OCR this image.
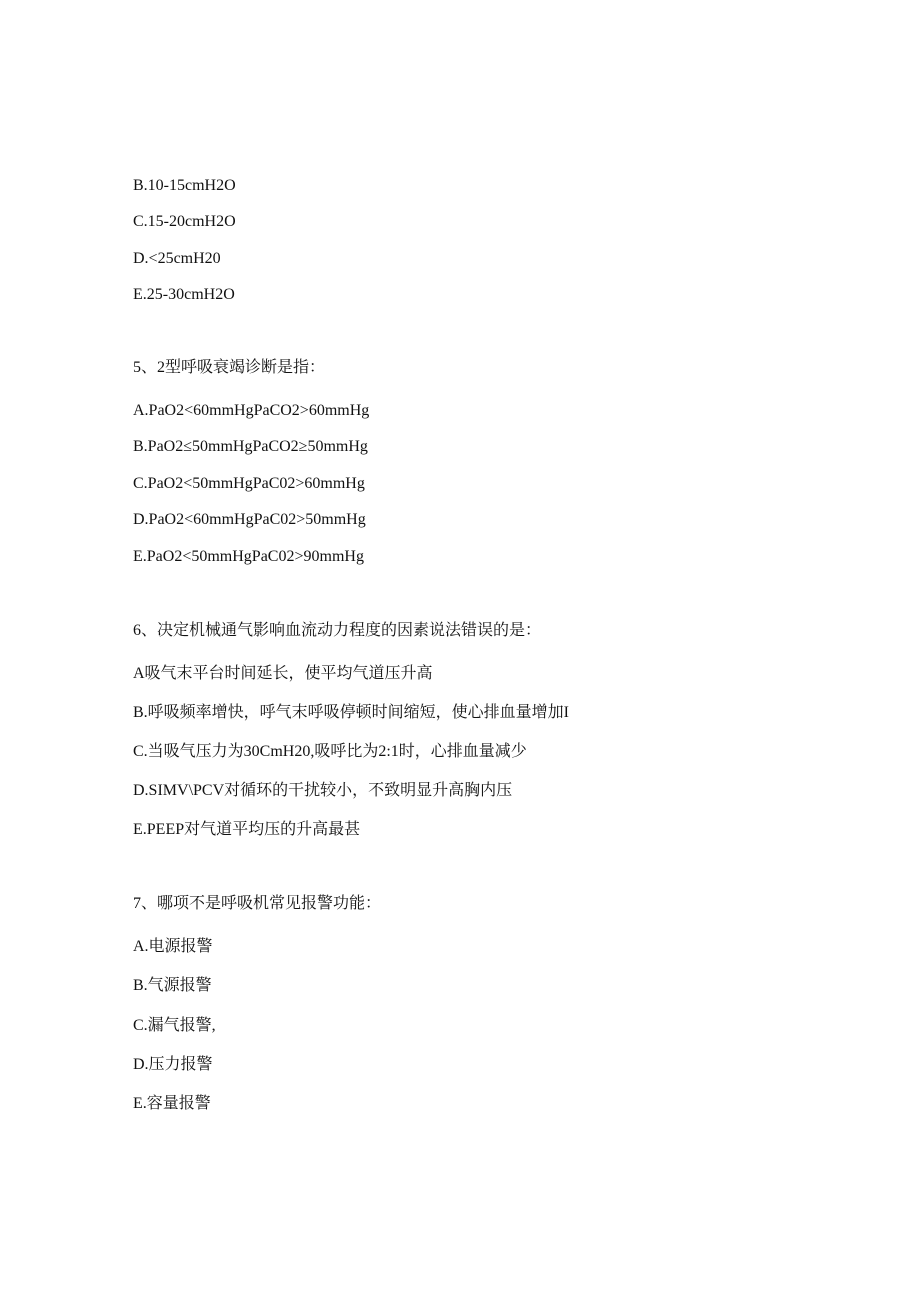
B.10-15cmH2O
C.15-20cmH2O
D.<25cmH20
E.25-30cmH2O
5、2型呼吸衰竭诊断是指：
A.PaO2<60mmHgPaCO2>60mmHg
B.PaO2≤50mmHgPaCO2≥50mmHg
C.PaO2<50mmHgPaC02>60mmHg
D.PaO2<60mmHgPaC02>50mmHg
E.PaO2<50mmHgPaC02>90mmHg
6、决定机械通气影响血流动力程度的因素说法错误的是：
A吸气末平台时间延长，使平均气道压升高
B.呼吸频率增快，呼气末呼吸停顿时间缩短，使心排血量增加I
C.当吸气压力为30CmH20,吸呼比为2:1时，心排血量减少
D.SIMV\PCV对循环的干扰较小，不致明显升高胸内压
E.PEEP对气道平均压的升高最甚
7、哪项不是呼吸机常见报警功能：
A.电源报警
B.气源报警
C.漏气报警,
D.压力报警
E.容量报警
